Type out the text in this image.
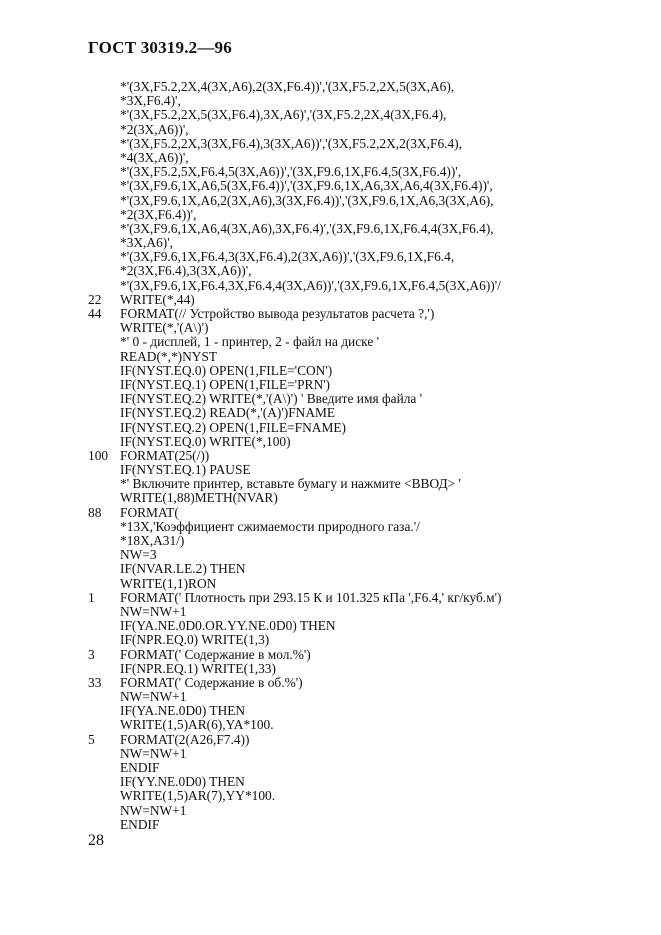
ГОСТ 30319.2—96
*'(3X,F5.2,2X,4(3X,A6),2(3X,F6.4))','(3X,F5.2,2X,5(3X,A6),
*3X,F6.4)',
*'(3X,F5.2,2X,5(3X,F6.4),3X,A6)','(3X,F5.2,2X,4(3X,F6.4),
*2(3X,A6))',
*'(3X,F5.2,2X,3(3X,F6.4),3(3X,A6))','(3X,F5.2,2X,2(3X,F6.4),
*4(3X,A6))',
*'(3X,F5.2,5X,F6.4,5(3X,A6))','(3X,F9.6,1X,F6.4,5(3X,F6.4))',
*'(3X,F9.6,1X,A6,5(3X,F6.4))','(3X,F9.6,1X,A6,3X,A6,4(3X,F6.4))',
*'(3X,F9.6,1X,A6,2(3X,A6),3(3X,F6.4))','(3X,F9.6,1X,A6,3(3X,A6),
*2(3X,F6.4))',
*'(3X,F9.6,1X,A6,4(3X,A6),3X,F6.4)','(3X,F9.6,1X,F6.4,4(3X,F6.4),
*3X,A6)',
*'(3X,F9.6,1X,F6.4,3(3X,F6.4),2(3X,A6))','(3X,F9.6,1X,F6.4,
*2(3X,F6.4),3(3X,A6))',
*'(3X,F9.6,1X,F6.4,3X,F6.4,4(3X,A6))','(3X,F9.6,1X,F6.4,5(3X,A6))'/
22 WRITE(*,44)
44 FORMAT(// Устройство вывода результатов расчета ?,')
WRITE(*,'(A\)')
*' 0 - дисплей, 1 - принтер, 2 - файл на диске '
READ(*,*)NYST
IF(NYST.EQ.0) OPEN(1,FILE='CON')
IF(NYST.EQ.1) OPEN(1,FILE='PRN')
IF(NYST.EQ.2) WRITE(*,'(A\)') ' Введите имя файла '
IF(NYST.EQ.2) READ(*,'(A)')FNAME
IF(NYST.EQ.2) OPEN(1,FILE=FNAME)
IF(NYST.EQ.0) WRITE(*,100)
100 FORMAT(25(/))
IF(NYST.EQ.1) PAUSE
*' Включите принтер, вставьте бумагу и нажмите <ВВОД> '
WRITE(1,88)METH(NVAR)
88 FORMAT(
*13X,'Коэффициент сжимаемости природного газа.'/
*18X,A31/)
NW=3
IF(NVAR.LE.2) THEN
WRITE(1,1)RON
1 FORMAT(' Плотность при 293.15 К и 101.325 кПа ',F6.4,' кг/куб.м')
NW=NW+1
IF(YA.NE.0D0.OR.YY.NE.0D0) THEN
IF(NPR.EQ.0) WRITE(1,3)
3 FORMAT(' Содержание в мол.%')
IF(NPR.EQ.1) WRITE(1,33)
33 FORMAT(' Содержание в об.%')
NW=NW+1
IF(YA.NE.0D0) THEN
WRITE(1,5)AR(6),YA*100.
5 FORMAT(2(A26,F7.4))
NW=NW+1
ENDIF
IF(YY.NE.0D0) THEN
WRITE(1,5)AR(7),YY*100.
NW=NW+1
ENDIF
28
